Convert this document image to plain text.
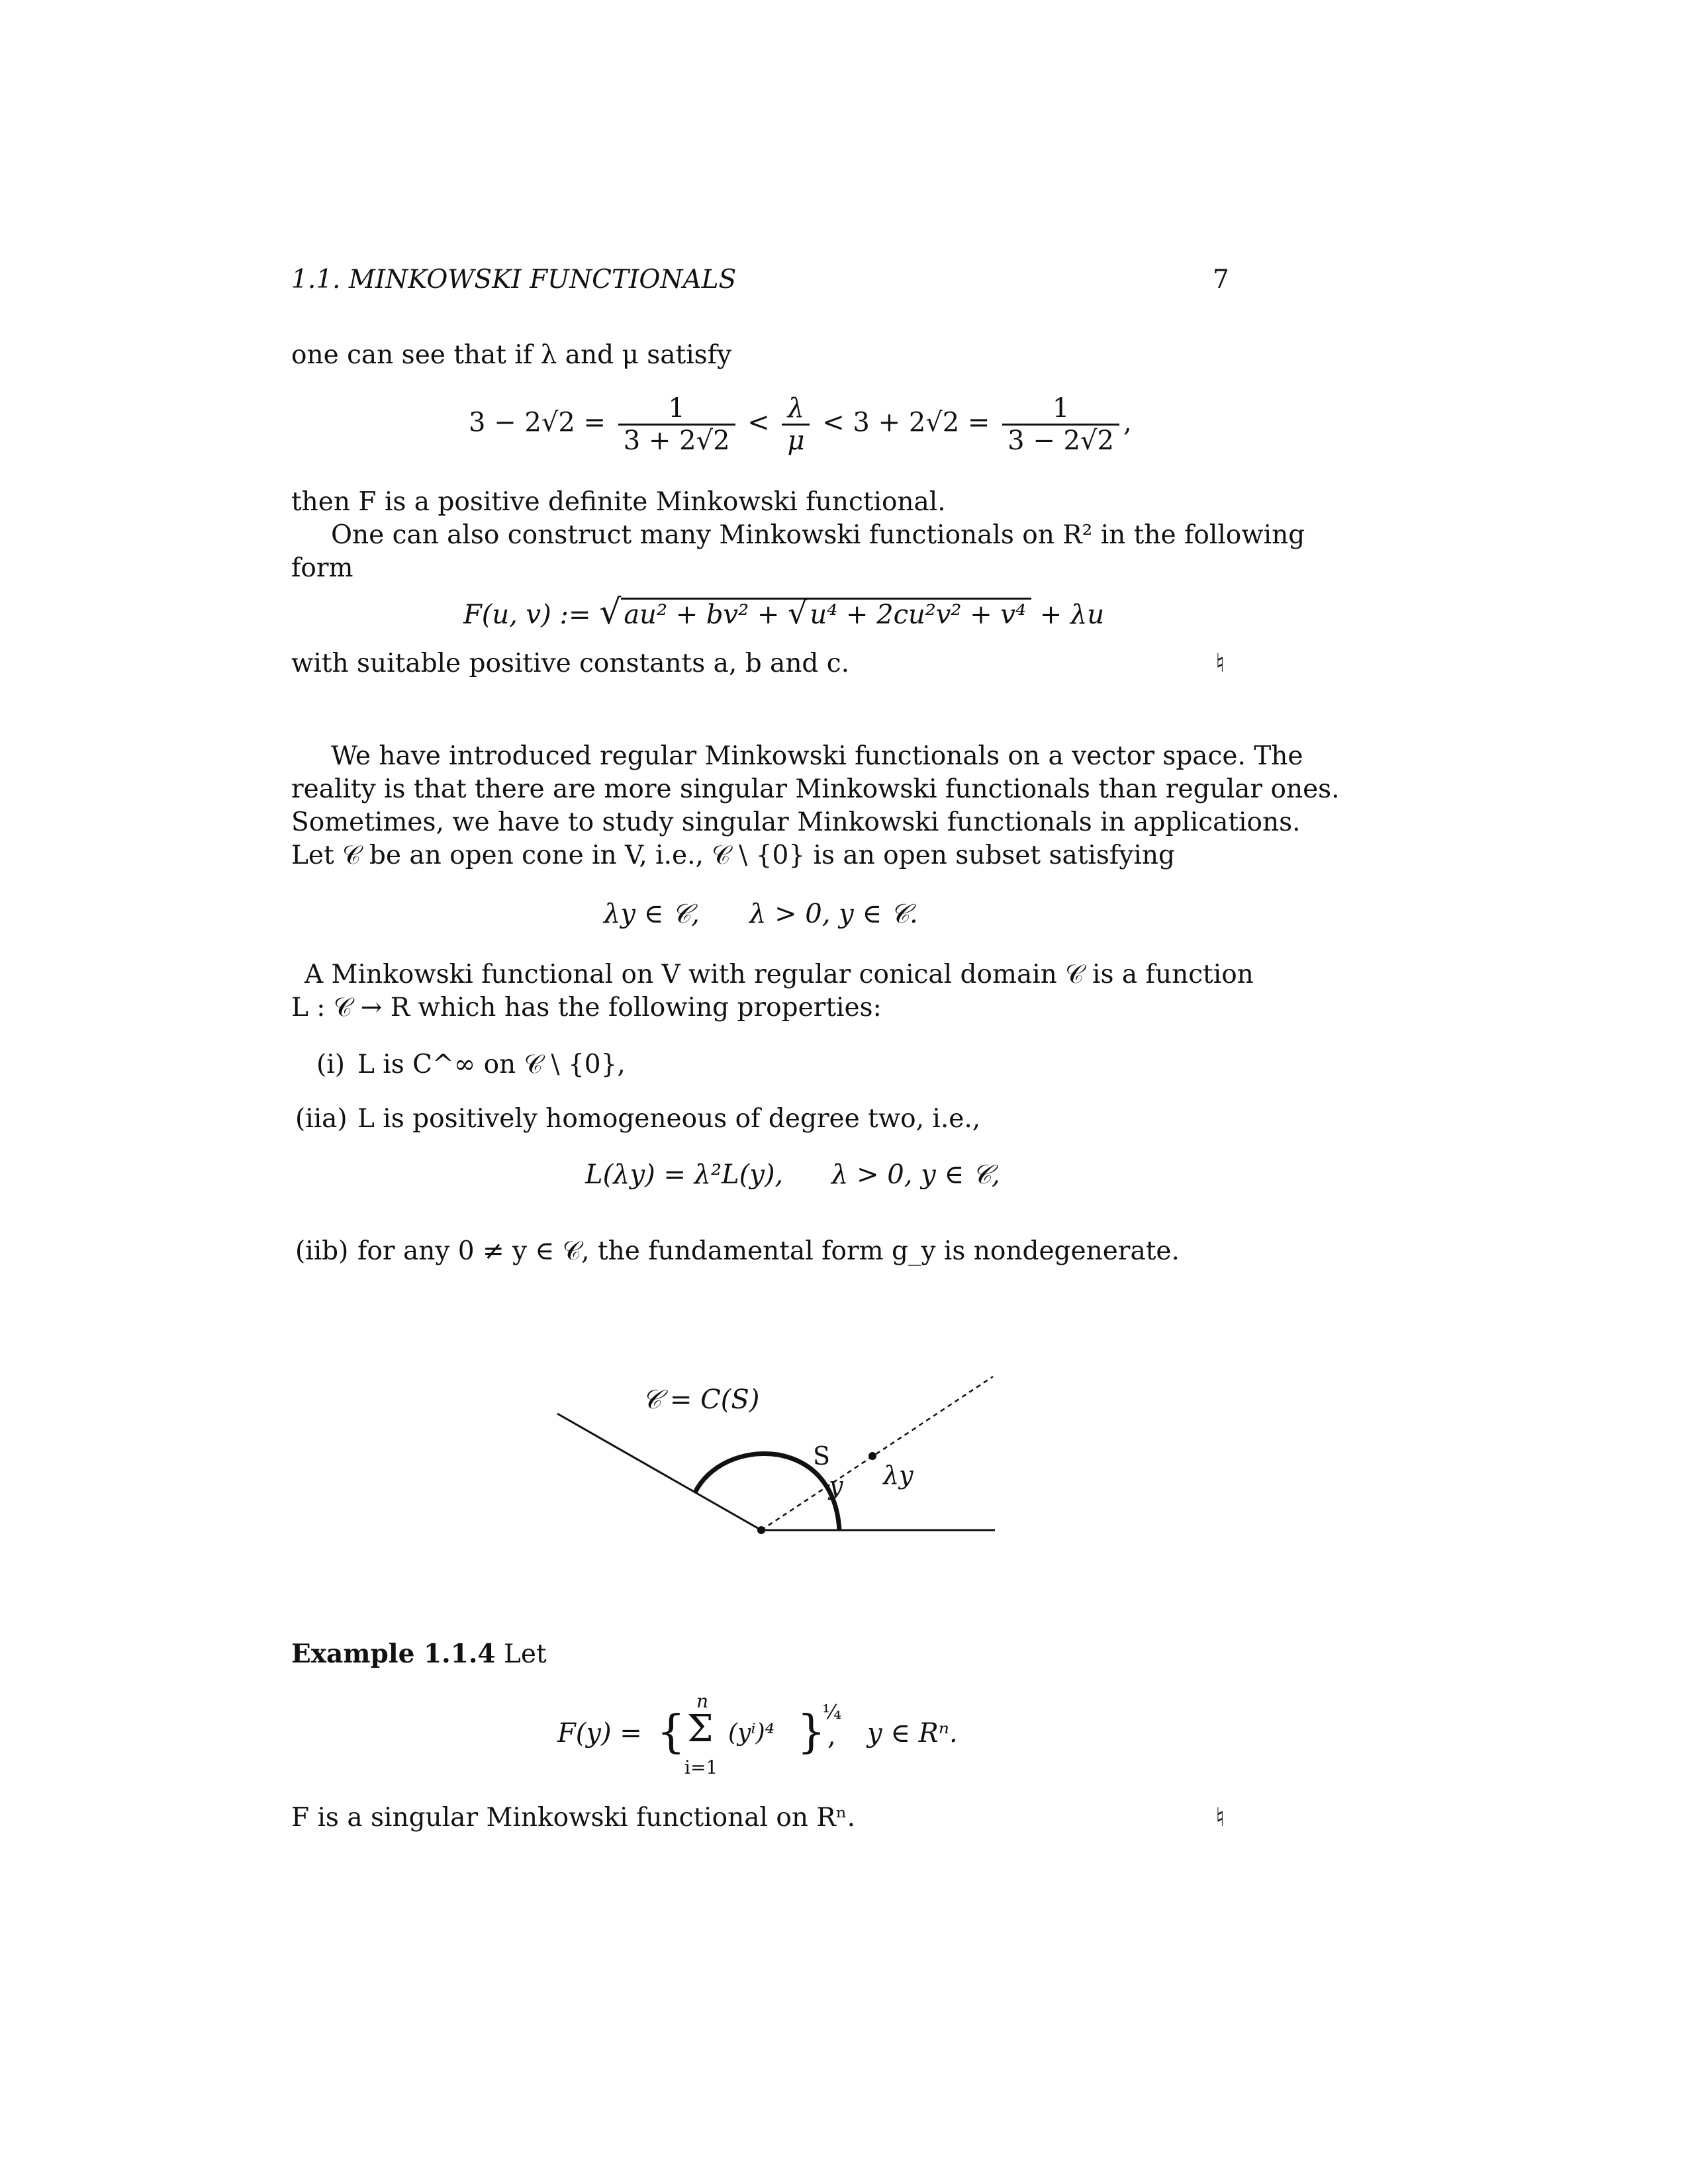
1.1. MINKOWSKI FUNCTIONALS	7
one can see that if λ and μ satisfy
$3 - 2√2 = \frac{1}{3 + 2√2} < \frac{\lambda}{\mu} < 3 + 2√2 = \frac{1}{3 - 2√2}$ ,
then F is a positive definite Minkowski functional.
One can also construct many Minkowski functionals on R² in the following
form
F(u, v) := √ au² + bv² + √ u⁴ + 2cu²v² + v⁴ + λu
with suitable positive constants a, b and c.	♮
We have introduced regular Minkowski functionals on a vector space. The
reality is that there are more singular Minkowski functionals than regular ones.
Sometimes, we have to study singular Minkowski functionals in applications.
Let 𝒞 be an open cone in V, i.e., 𝒞 \ {0} is an open subset satisfying
λy ∈ 𝒞, λ > 0, y ∈ 𝒞.
A Minkowski functional on V with regular conical domain 𝒞 is a function
L : 𝒞 → R which has the following properties:
(i) L is C^∞ on 𝒞 \ {0},
(iia) L is positively homogeneous of degree two, i.e.,
L(λy) = λ²L(y), λ > 0, y ∈ 𝒞,
(iib) for any 0 ≠ y ∈ 𝒞, the fundamental form g_y is nondegenerate.
𝒞 = C(S)
S
y λy
Example 1.1.4 Let
F(y) = {
n
Σ
i=1
(yⁱ)⁴ }
¼
, y ∈ Rⁿ.
F is a singular Minkowski functional on Rⁿ.	♮
